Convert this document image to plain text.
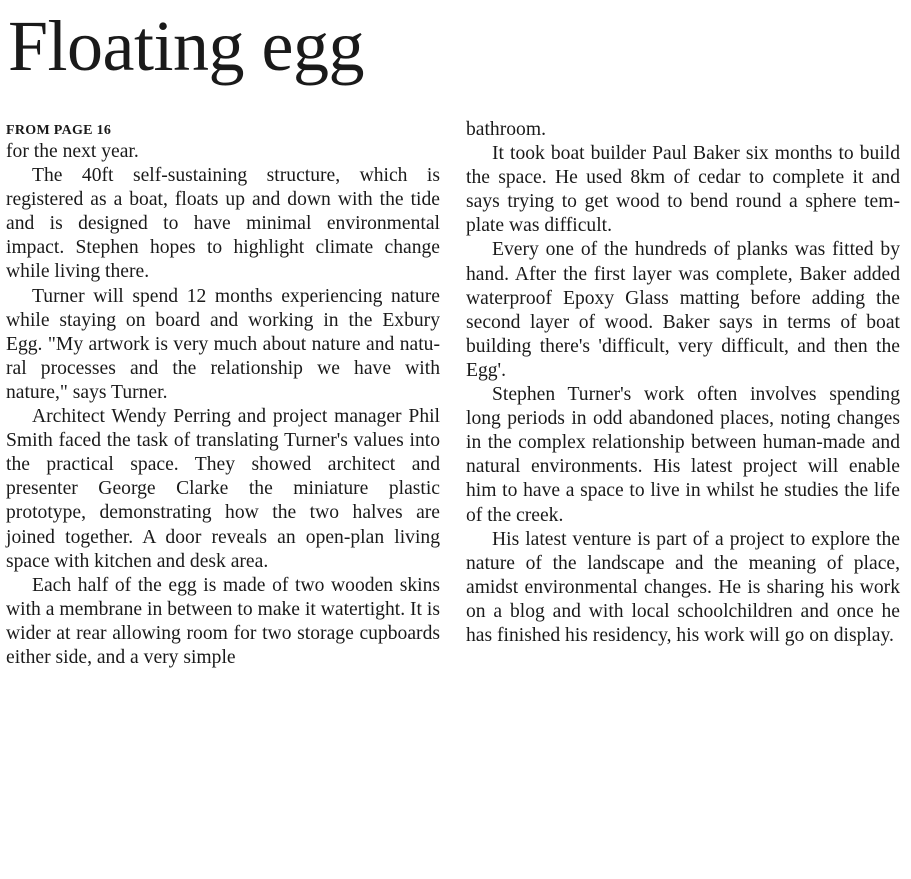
Floating egg
FROM PAGE 16

for the next year.

The 40ft self-sustaining structure, which is registered as a boat, floats up and down with the tide and is designed to have minimal environmental impact. Stephen hopes to highlight climate change while living there.

Turner will spend 12 months experiencing nature while staying on board and working in the Exbury Egg. "My artwork is very much about nature and natural processes and the relationship we have with nature," says Turner.

Architect Wendy Perring and project manager Phil Smith faced the task of translating Turner's values into the practical space. They showed architect and presenter George Clarke the miniature plastic prototype, demonstrating how the two halves are joined together. A door reveals an open-plan living space with kitchen and desk area.

Each half of the egg is made of two wooden skins with a membrane in between to make it watertight. It is wider at rear allowing room for two storage cupboards either side, and a very simple

bathroom.

It took boat builder Paul Baker six months to build the space. He used 8km of cedar to complete it and says trying to get wood to bend round a sphere template was difficult.

Every one of the hundreds of planks was fitted by hand. After the first layer was complete, Baker added waterproof Epoxy Glass matting before adding the second layer of wood. Baker says in terms of boat building there's 'difficult, very difficult, and then the Egg'.

Stephen Turner's work often involves spending long periods in odd abandoned places, noting changes in the complex relationship between human-made and natural environments. His latest project will enable him to have a space to live in whilst he studies the life of the creek.

His latest venture is part of a project to explore the nature of the landscape and the meaning of place, amidst environmental changes. He is sharing his work on a blog and with local schoolchildren and once he has finished his residency, his work will go on display.
